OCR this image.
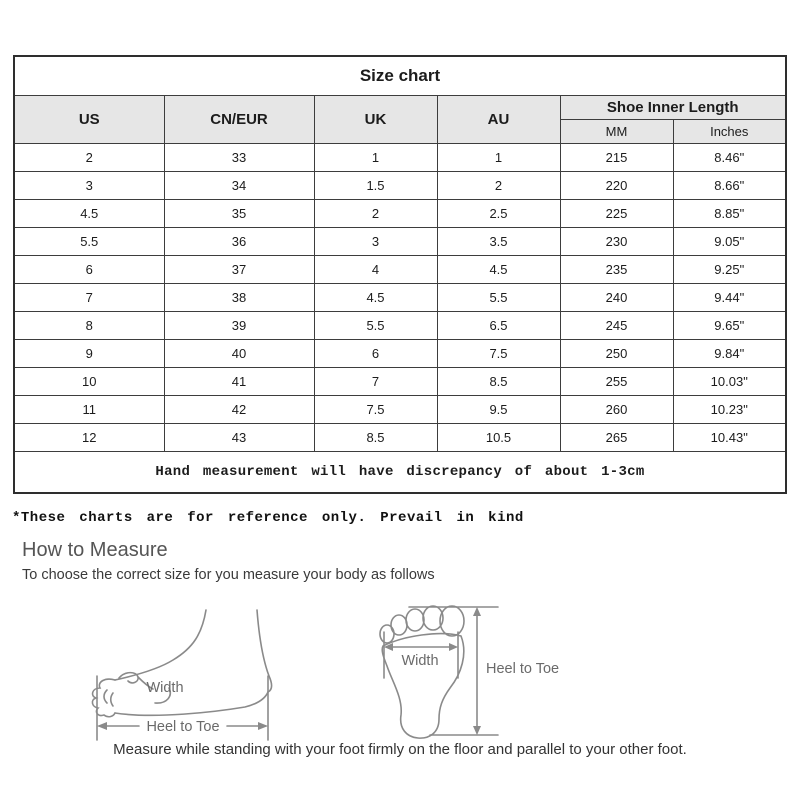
Size chart					
US	CN/EUR	UK	AU	Shoe Inner Length	
				MM	Inches
2	33	1	1	215	8.46"
3	34	1.5	2	220	8.66"
4.5	35	2	2.5	225	8.85"
5.5	36	3	3.5	230	9.05"
6	37	4	4.5	235	9.25"
7	38	4.5	5.5	240	9.44"
8	39	5.5	6.5	245	9.65"
9	40	6	7.5	250	9.84"
10	41	7	8.5	255	10.03"
11	42	7.5	9.5	260	10.23"
12	43	8.5	10.5	265	10.43"
Hand measurement will have discrepancy of about 1-3cm					
*These charts are for reference only. Prevail in kind
How to Measure
To choose the correct size for you measure your body as follows
Width
Heel to Toe
Width	Heel to Toe
Measure while standing with your foot firmly on the floor and parallel to your other foot.
